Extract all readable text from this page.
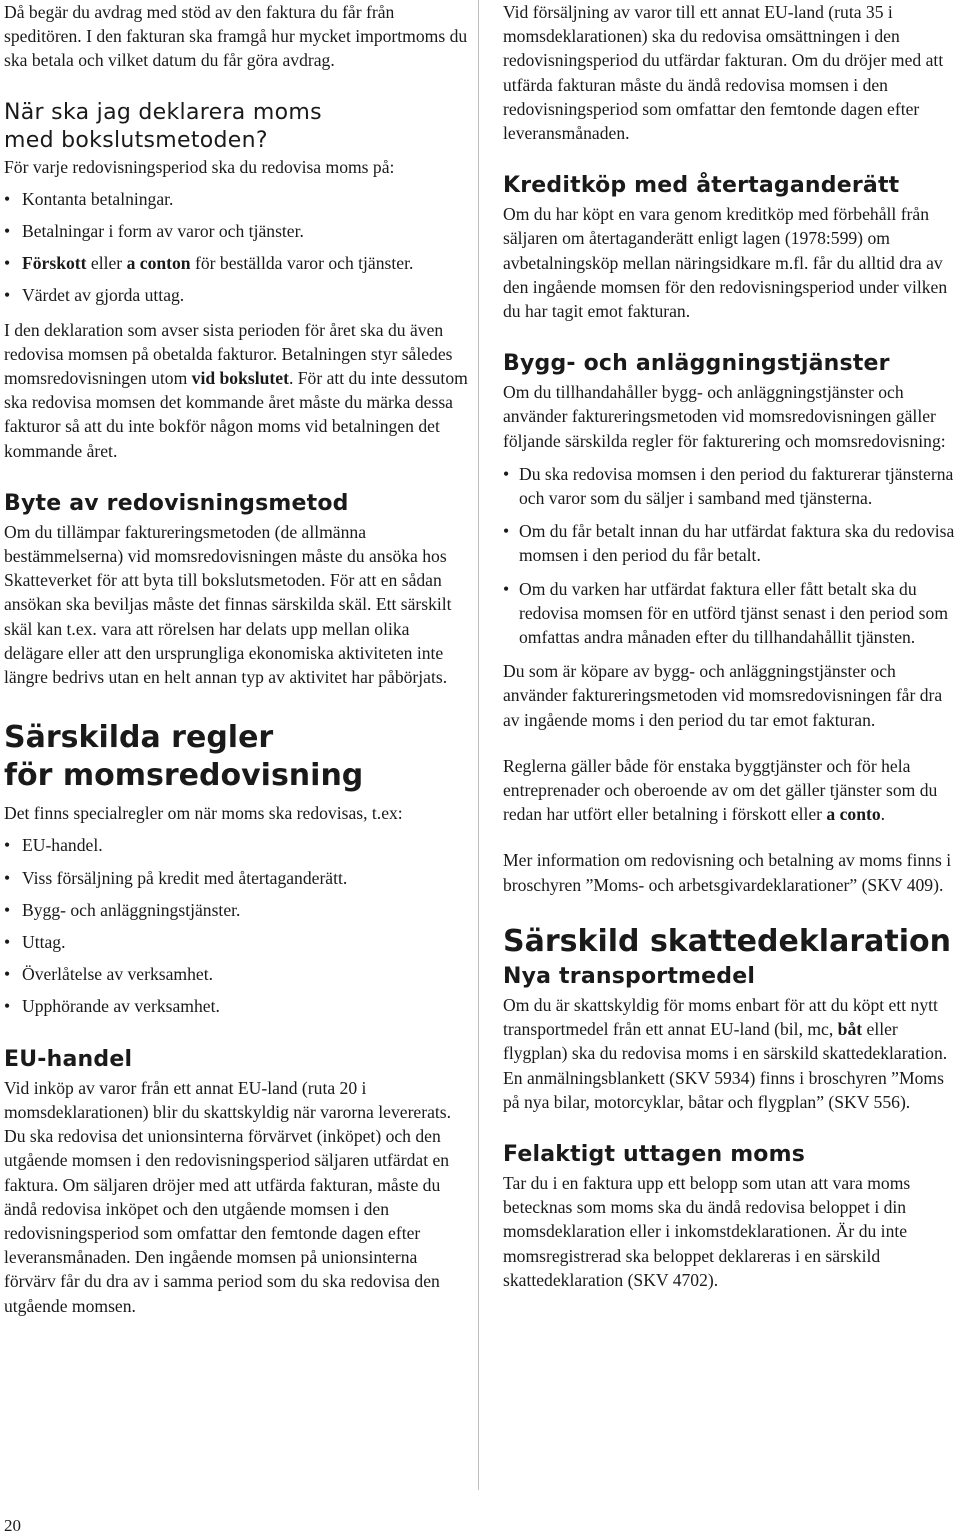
Då begär du avdrag med stöd av den faktura du får från speditören. I den fakturan ska framgå hur mycket importmoms du ska betala och vilket datum du får göra avdrag.

När ska jag deklarera moms
med bokslutsmetoden?

För varje redovisningsperiod ska du redovisa moms på:

• Kontanta betalningar.
• Betalningar i form av varor och tjänster.
• Förskott eller a conton för beställda varor och tjänster.
• Värdet av gjorda uttag.

I den deklaration som avser sista perioden för året ska du även redovisa momsen på obetalda fakturor. Betalningen styr således momsredovisningen utom vid bokslutet. För att du inte dessutom ska redovisa momsen det kommande året måste du märka dessa fakturor så att du inte bokför någon moms vid betalningen det kommande året.

Byte av redovisningsmetod

Om du tillämpar faktureringsmetoden (de allmänna bestämmelserna) vid momsredovisningen måste du ansöka hos Skatteverket för att byta till bokslutsmetoden. För att en sådan ansökan ska beviljas måste det finnas särskilda skäl. Ett särskilt skäl kan t.ex. vara att rörelsen har delats upp mellan olika delägare eller att den ursprungliga ekonomiska aktiviteten inte längre bedrivs utan en helt annan typ av aktivitet har påbörjats.

Särskilda regler
för momsredovisning

Det finns specialregler om när moms ska redovisas, t.ex:

• EU-handel.
• Viss försäljning på kredit med återtaganderätt.
• Bygg- och anläggningstjänster.
• Uttag.
• Överlåtelse av verksamhet.
• Upphörande av verksamhet.
EU-handel

Vid inköp av varor från ett annat EU-land (ruta 20 i momsdeklarationen) blir du skattskyldig när varorna levererats. Du ska redovisa det unionsinterna förvärvet (inköpet) och den utgående momsen i den redovisningsperiod säljaren utfärdat en faktura. Om säljaren dröjer med att utfärda fakturan, måste du ändå redovisa inköpet och den utgående momsen i den redovisningsperiod som omfattar den femtonde dagen efter leveransmånaden. Den ingående momsen på unionsinterna förvärv får du dra av i samma period som du ska redovisa den utgående momsen.

Vid försäljning av varor till ett annat EU-land (ruta 35 i momsdeklarationen) ska du redovisa omsättningen i den redovisningsperiod du utfärdar fakturan. Om du dröjer med att utfärda fakturan måste du ändå redovisa momsen i den redovisningsperiod som omfattar den femtonde dagen efter leveransmånaden.

Kreditköp med återtaganderätt

Om du har köpt en vara genom kreditköp med förbehåll från säljaren om återtaganderätt enligt lagen (1978:599) om avbetalningsköp mellan näringsidkare m.fl. får du alltid dra av den ingående momsen för den redovisningsperiod under vilken du har tagit emot fakturan.

Bygg- och anläggningstjänster

Om du tillhandahåller bygg- och anläggningstjänster och använder faktureringsmetoden vid momsredovisningen gäller följande särskilda regler för fakturering och momsredovisning:

• Du ska redovisa momsen i den period du fakturerar tjänsterna och varor som du säljer i samband med tjänsterna.
• Om du får betalt innan du har utfärdat faktura ska du redovisa momsen i den period du får betalt.
• Om du varken har utfärdat faktura eller fått betalt ska du redovisa momsen för en utförd tjänst senast i den period som omfattas andra månaden efter du tillhandahållit tjänsten.

Du som är köpare av bygg- och anläggningstjänster och använder faktureringsmetoden vid momsredovisningen får dra av ingående moms i den period du tar emot fakturan.

Reglerna gäller både för enstaka byggtjänster och för hela entreprenader och oberoende av om det gäller tjänster som du redan har utfört eller betalning i förskott eller a conto.

Mer information om redovisning och betalning av moms finns i broschyren ”Moms- och arbetsgivardeklarationer” (SKV 409).

Särskild skattedeklaration
Nya transportmedel

Om du är skattskyldig för moms enbart för att du köpt ett nytt transportmedel från ett annat EU-land (bil, mc, båt eller flygplan) ska du redovisa moms i en särskild skattedeklaration. En anmälningsblankett (SKV 5934) finns i broschyren ”Moms på nya bilar, motorcyklar, båtar och flygplan” (SKV 556).

Felaktigt uttagen moms

Tar du i en faktura upp ett belopp som utan att vara moms betecknas som moms ska du ändå redovisa beloppet i din momsdeklaration eller i inkomstdeklarationen. Är du inte momsregistrerad ska beloppet deklareras i en särskild skattedeklaration (SKV 4702).

20
